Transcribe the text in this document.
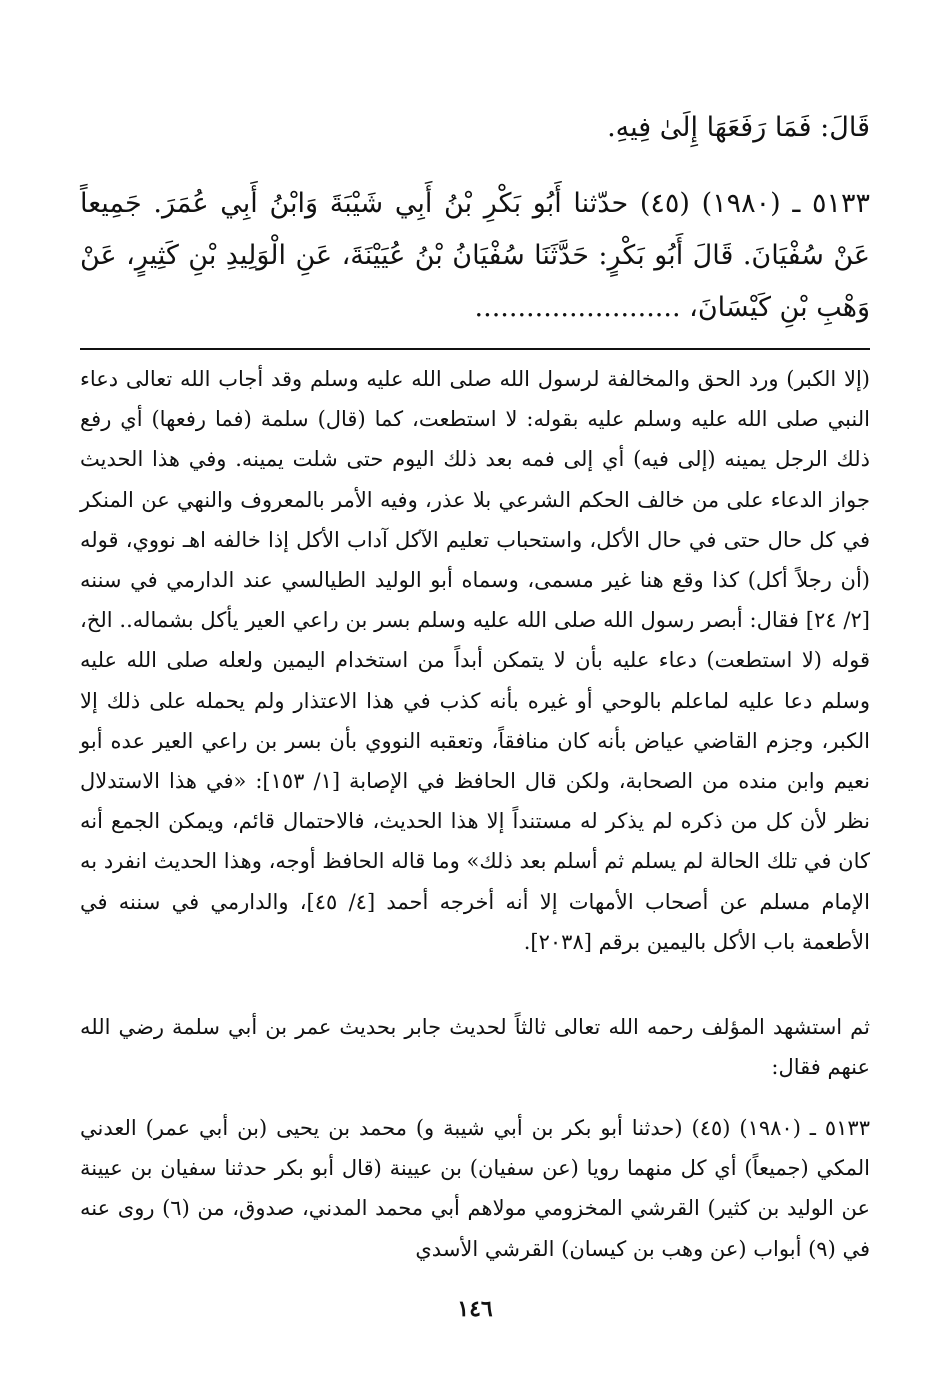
قَالَ: فَمَا رَفَعَهَا إِلَىٰ فِيهِ.
٥١٣٣ ـ (١٩٨٠) (٤٥) حدّثنا أَبُو بَكْرِ بْنُ أَبِي شَيْبَةَ وَابْنُ أَبِي عُمَرَ. جَمِيعاً عَنْ سُفْيَانَ. قَالَ أَبُو بَكْرٍ: حَدَّثَنَا سُفْيَانُ بْنُ عُيَيْنَةَ، عَنِ الْوَلِيدِ بْنِ كَثِيرٍ، عَنْ وَهْبِ بْنِ كَيْسَانَ، ........................
(إلا الكبر) ورد الحق والمخالفة لرسول الله صلى الله عليه وسلم وقد أجاب الله تعالى دعاء النبي صلى الله عليه وسلم عليه بقوله: لا استطعت، كما (قال) سلمة (فما رفعها) أي رفع ذلك الرجل يمينه (إلى فيه) أي إلى فمه بعد ذلك اليوم حتى شلت يمينه. وفي هذا الحديث جواز الدعاء على من خالف الحكم الشرعي بلا عذر، وفيه الأمر بالمعروف والنهي عن المنكر في كل حال حتى في حال الأكل، واستحباب تعليم الآكل آداب الأكل إذا خالفه اهـ نووي، قوله (أن رجلاً أكل) كذا وقع هنا غير مسمى، وسماه أبو الوليد الطيالسي عند الدارمي في سننه [٢/ ٢٤] فقال: أبصر رسول الله صلى الله عليه وسلم بسر بن راعي العير يأكل بشماله.. الخ، قوله (لا استطعت) دعاء عليه بأن لا يتمكن أبداً من استخدام اليمين ولعله صلى الله عليه وسلم دعا عليه لماعلم بالوحي أو غيره بأنه كذب في هذا الاعتذار ولم يحمله على ذلك إلا الكبر، وجزم القاضي عياض بأنه كان منافقاً، وتعقبه النووي بأن بسر بن راعي العير عده أبو نعيم وابن منده من الصحابة، ولكن قال الحافظ في الإصابة [١/ ١٥٣]: «في هذا الاستدلال نظر لأن كل من ذكره لم يذكر له مستنداً إلا هذا الحديث، فالاحتمال قائم، ويمكن الجمع أنه كان في تلك الحالة لم يسلم ثم أسلم بعد ذلك» وما قاله الحافظ أوجه، وهذا الحديث انفرد به الإمام مسلم عن أصحاب الأمهات إلا أنه أخرجه أحمد [٤/ ٤٥]، والدارمي في سننه في الأطعمة باب الأكل باليمين برقم [٢٠٣٨].
ثم استشهد المؤلف رحمه الله تعالى ثالثاً لحديث جابر بحديث عمر بن أبي سلمة رضي الله عنهم فقال:
٥١٣٣ ـ (١٩٨٠) (٤٥) (حدثنا أبو بكر بن أبي شيبة و) محمد بن يحيى (بن أبي عمر) العدني المكي (جميعاً) أي كل منهما رويا (عن سفيان) بن عيينة (قال أبو بكر حدثنا سفيان بن عيينة عن الوليد بن كثير) القرشي المخزومي مولاهم أبي محمد المدني، صدوق، من (٦) روى عنه في (٩) أبواب (عن وهب بن كيسان) القرشي الأسدي
١٤٦
